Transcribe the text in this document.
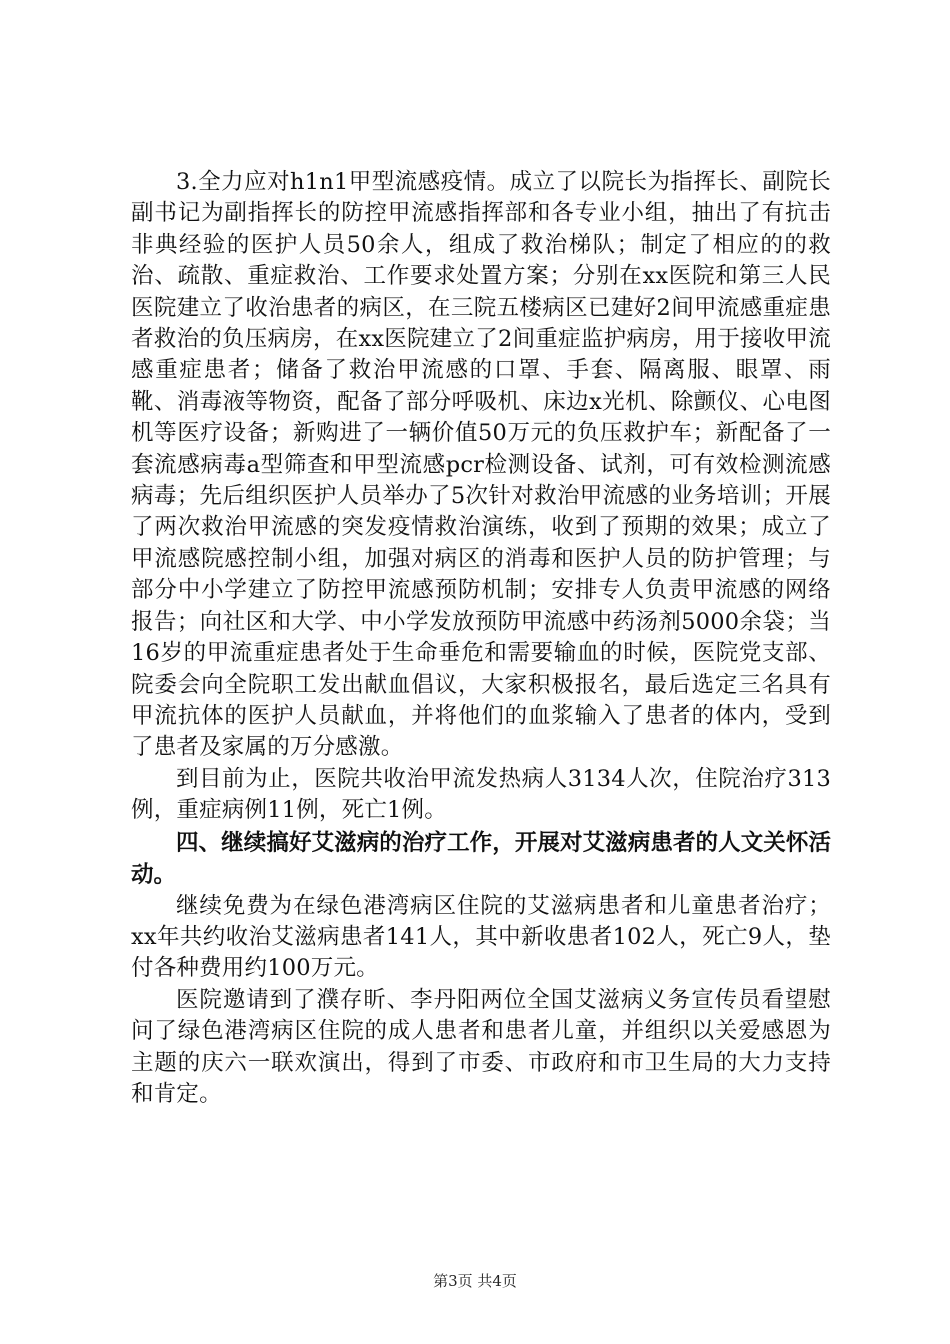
3.全力应对h1n1甲型流感疫情。成立了以院长为指挥长、副院长副书记为副指挥长的防控甲流感指挥部和各专业小组，抽出了有抗击非典经验的医护人员50余人，组成了救治梯队；制定了相应的的救治、疏散、重症救治、工作要求处置方案；分别在xx医院和第三人民医院建立了收治患者的病区，在三院五楼病区已建好2间甲流感重症患者救治的负压病房，在xx医院建立了2间重症监护病房，用于接收甲流感重症患者；储备了救治甲流感的口罩、手套、隔离服、眼罩、雨靴、消毒液等物资，配备了部分呼吸机、床边x光机、除颤仪、心电图机等医疗设备；新购进了一辆价值50万元的负压救护车；新配备了一套流感病毒a型筛查和甲型流感pcr检测设备、试剂，可有效检测流感病毒；先后组织医护人员举办了5次针对救治甲流感的业务培训；开展了两次救治甲流感的突发疫情救治演练，收到了预期的效果；成立了甲流感院感控制小组，加强对病区的消毒和医护人员的防护管理；与部分中小学建立了防控甲流感预防机制；安排专人负责甲流感的网络报告；向社区和大学、中小学发放预防甲流感中药汤剂5000余袋；当16岁的甲流重症患者处于生命垂危和需要输血的时候，医院党支部、院委会向全院职工发出献血倡议，大家积极报名，最后选定三名具有甲流抗体的医护人员献血，并将他们的血浆输入了患者的体内，受到了患者及家属的万分感激。

到目前为止，医院共收治甲流发热病人3134人次，住院治疗313例，重症病例11例，死亡1例。

四、继续搞好艾滋病的治疗工作，开展对艾滋病患者的人文关怀活动。

继续免费为在绿色港湾病区住院的艾滋病患者和儿童患者治疗；xx年共约收治艾滋病患者141人，其中新收患者102人，死亡9人，垫付各种费用约100万元。

医院邀请到了濮存昕、李丹阳两位全国艾滋病义务宣传员看望慰问了绿色港湾病区住院的成人患者和患者儿童，并组织以关爱感恩为主题的庆六一联欢演出，得到了市委、市政府和市卫生局的大力支持和肯定。

第3页 共4页
